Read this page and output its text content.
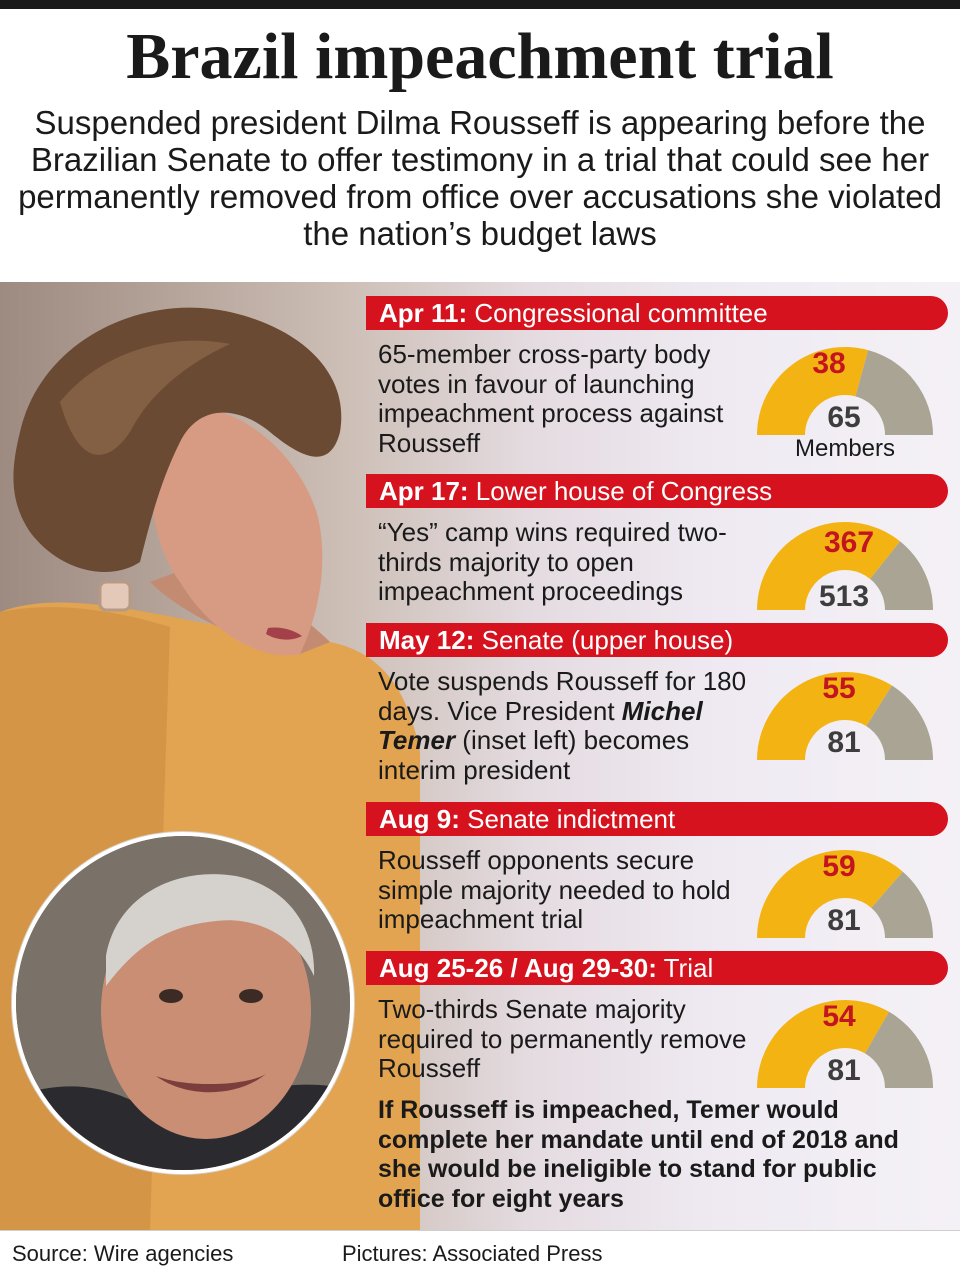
Brazil impeachment trial

Suspended president Dilma Rousseff is appearing before the Brazilian Senate to offer testimony in a trial that could see her permanently removed from office over accusations she violated the nation’s budget laws

Apr 11: Congressional committee
65-member cross-party body votes in favour of launching impeachment process against Rousseff
Apr 17: Lower house of Congress
“Yes” camp wins required two-thirds majority to open impeachment proceedings
May 12: Senate (upper house)
Vote suspends Rousseff for 180 days. Vice President Michel Temer (inset left) becomes interim president
Aug 9: Senate indictment
Rousseff opponents secure simple majority needed to hold impeachment trial
Aug 25-26 / Aug 29-30: Trial
Two-thirds Senate majority required to permanently remove Rousseff
38
65
Members
367
513
55
81
59
81
54
81

If Rousseff is impeached, Temer would complete her mandate until end of 2018 and she would be ineligible to stand for public office for eight years

Source: Wire agencies	Pictures: Associated Press
